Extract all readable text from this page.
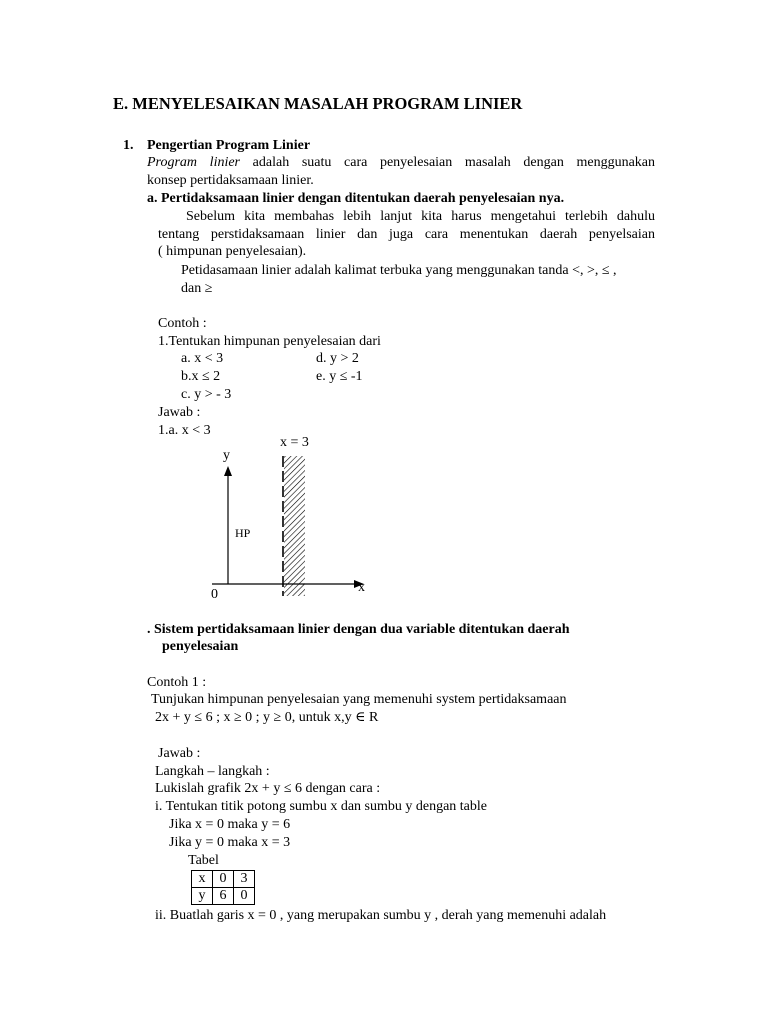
E. MENYELESAIKAN MASALAH PROGRAM LINIER
1. Pengertian Program Linier
Program linier adalah suatu cara penyelesaian masalah dengan menggunakan
konsep pertidaksamaan linier.
a. Pertidaksamaan linier dengan ditentukan daerah penyelesaian nya.
Sebelum kita membahas lebih lanjut kita harus mengetahui terlebih dahulu
tentang perstidaksamaan linier dan juga cara menentukan daerah penyelsaian
( himpunan penyelesaian).
Petidasamaan linier adalah kalimat terbuka yang menggunakan tanda <, >, ≤ ,
dan ≥
Contoh :
1.Tentukan himpunan penyelesaian dari
a. x < 3	d. y > 2
b.x ≤ 2	e. y ≤ -1
c. y > - 3
Jawab :
1.a. x < 3
x = 3
y
x
0
HP
. Sistem pertidaksamaan linier dengan dua variable ditentukan daerah
penyelesaian
Contoh 1 :
Tunjukan himpunan penyelesaian yang memenuhi system pertidaksamaan
2x + y ≤ 6 ; x ≥ 0 ; y ≥ 0, untuk x,y ∈ R
Jawab :
Langkah – langkah :
Lukislah grafik 2x + y ≤ 6 dengan cara :
i. Tentukan titik potong sumbu x dan sumbu y dengan table
Jika x = 0 maka y = 6
Jika y = 0 maka x = 3
Tabel
x	0	3
y	6	0
ii. Buatlah garis x = 0 , yang merupakan sumbu y , derah yang memenuhi adalah
